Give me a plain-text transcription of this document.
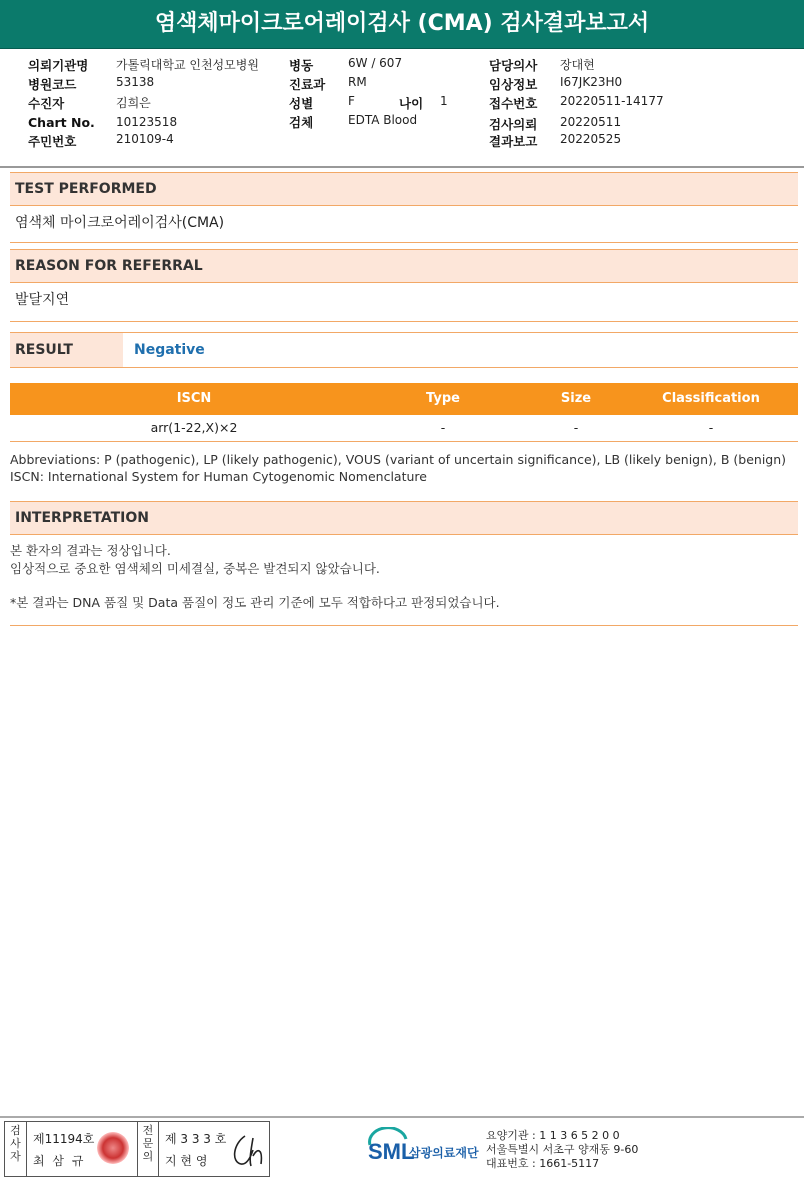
염색체마이크로어레이검사 (CMA) 검사결과보고서
의뢰기관명 가톨릭대학교 인천성모병원
병원코드	53138
수진자	김희은
Chart No. 10123518
주민번호	210109-4
병동	6W / 607
진료과 RM
성별	F	나이 1
검체	EDTA Blood
담당의사 장대현
임상정보 I67JK23H0
접수번호 20220511-14177
검사의뢰 20220511
결과보고 20220525
TEST PERFORMED
염색체 마이크로어레이검사(CMA)
REASON FOR REFERRAL
발달지연
RESULT	Negative
ISCN	Type	Size	Classification
arr(1-22,X)×2	-	-	-
Abbreviations: P (pathogenic), LP (likely pathogenic), VOUS (variant of uncertain significance), LB (likely benign), B (benign)
ISCN: International System for Human Cytogenomic Nomenclature
INTERPRETATION
본 환자의 결과는 정상입니다.
임상적으로 중요한 염색체의 미세결실, 중복은 발견되지 않았습니다.
*본 결과는 DNA 품질 및 Data 품질이 정도 관리 기준에 모두 적합하다고 판정되었습니다.
검사자
제11194호
최 삼 규
전문의
제 3 3 3 호
지 현 영	SML
삼광의료재단
요양기관 : 1 1 3 6 5 2 0 0
서울특별시 서초구 양재동 9-60
대표번호 : 1661-5117
